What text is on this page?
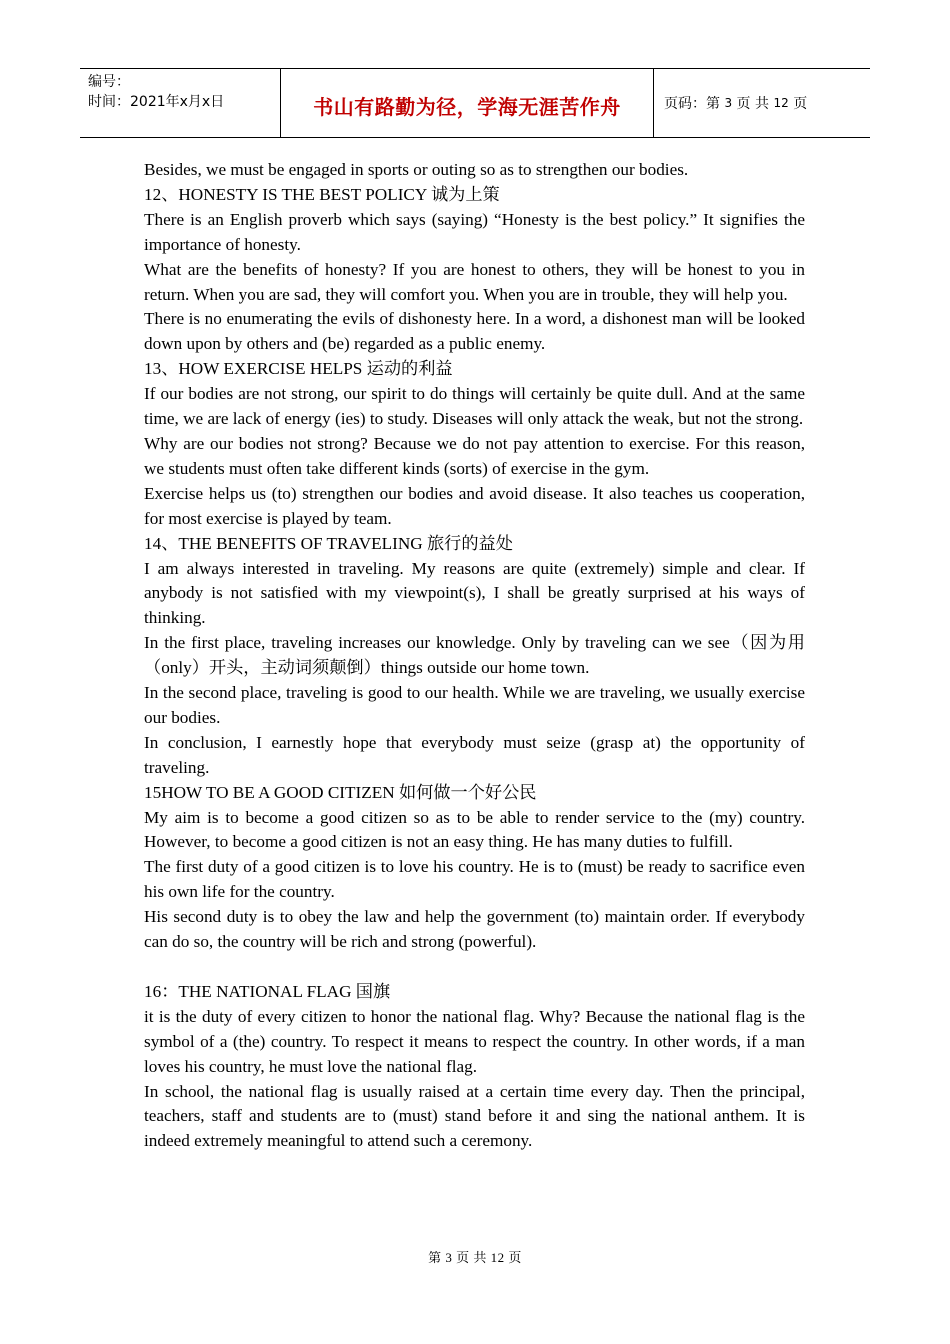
编号：
时间：2021年x月x日	书山有路勤为径，学海无涯苦作舟	页码： 第
3
页 共
12
页

Besides, we must be engaged in sports or outing so as to strengthen our bodies.

12、HONESTY IS THE BEST POLICY 诚为上策

There is an English proverb which says (saying) “Honesty is the best policy.” It signifies the importance of honesty.

What are the benefits of honesty? If you are honest to others, they will be honest to you in return. When you are sad, they will comfort you. When you are in trouble, they will help you.

There is no enumerating the evils of dishonesty here. In a word, a dishonest man will be looked down upon by others and (be) regarded as a public enemy.

13、HOW EXERCISE HELPS 运动的利益

If our bodies are not strong, our spirit to do things will certainly be quite dull. And at the same time, we are lack of energy (ies) to study. Diseases will only attack the weak, but not the strong.

Why are our bodies not strong? Because we do not pay attention to exercise. For this reason, we students must often take different kinds (sorts) of exercise in the gym.

Exercise helps us (to) strengthen our bodies and avoid disease. It also teaches us cooperation, for most exercise is played by team.

14、THE BENEFITS OF TRAVELING 旅行的益处

I am always interested in traveling. My reasons are quite (extremely) simple and clear. If anybody is not satisfied with my viewpoint(s), I shall be greatly surprised at his ways of thinking.

In the first place, traveling increases our knowledge. Only by traveling can we see（因为用（only）开头，主动词须颠倒）things outside our home town.

In the second place, traveling is good to our health. While we are traveling, we usually exercise our bodies.

In conclusion, I earnestly hope that everybody must seize (grasp at) the opportunity of traveling.

15HOW TO BE A GOOD CITIZEN 如何做一个好公民

My aim is to become a good citizen so as to be able to render service to the (my) country. However, to become a good citizen is not an easy thing. He has many duties to fulfill.

The first duty of a good citizen is to love his country. He is to (must) be ready to sacrifice even his own life for the country.

His second duty is to obey the law and help the government (to) maintain order. If everybody can do so, the country will be rich and strong (powerful).

16：THE NATIONAL FLAG 国旗

it is the duty of every citizen to honor the national flag. Why? Because the national flag is the symbol of a (the) country. To respect it means to respect the country. In other words, if a man loves his country, he must love the national flag.

In school, the national flag is usually raised at a certain time every day. Then the principal, teachers, staff and students are to (must) stand before it and sing the national anthem. It is indeed extremely meaningful to attend such a ceremony.

第 3 页 共 12 页
